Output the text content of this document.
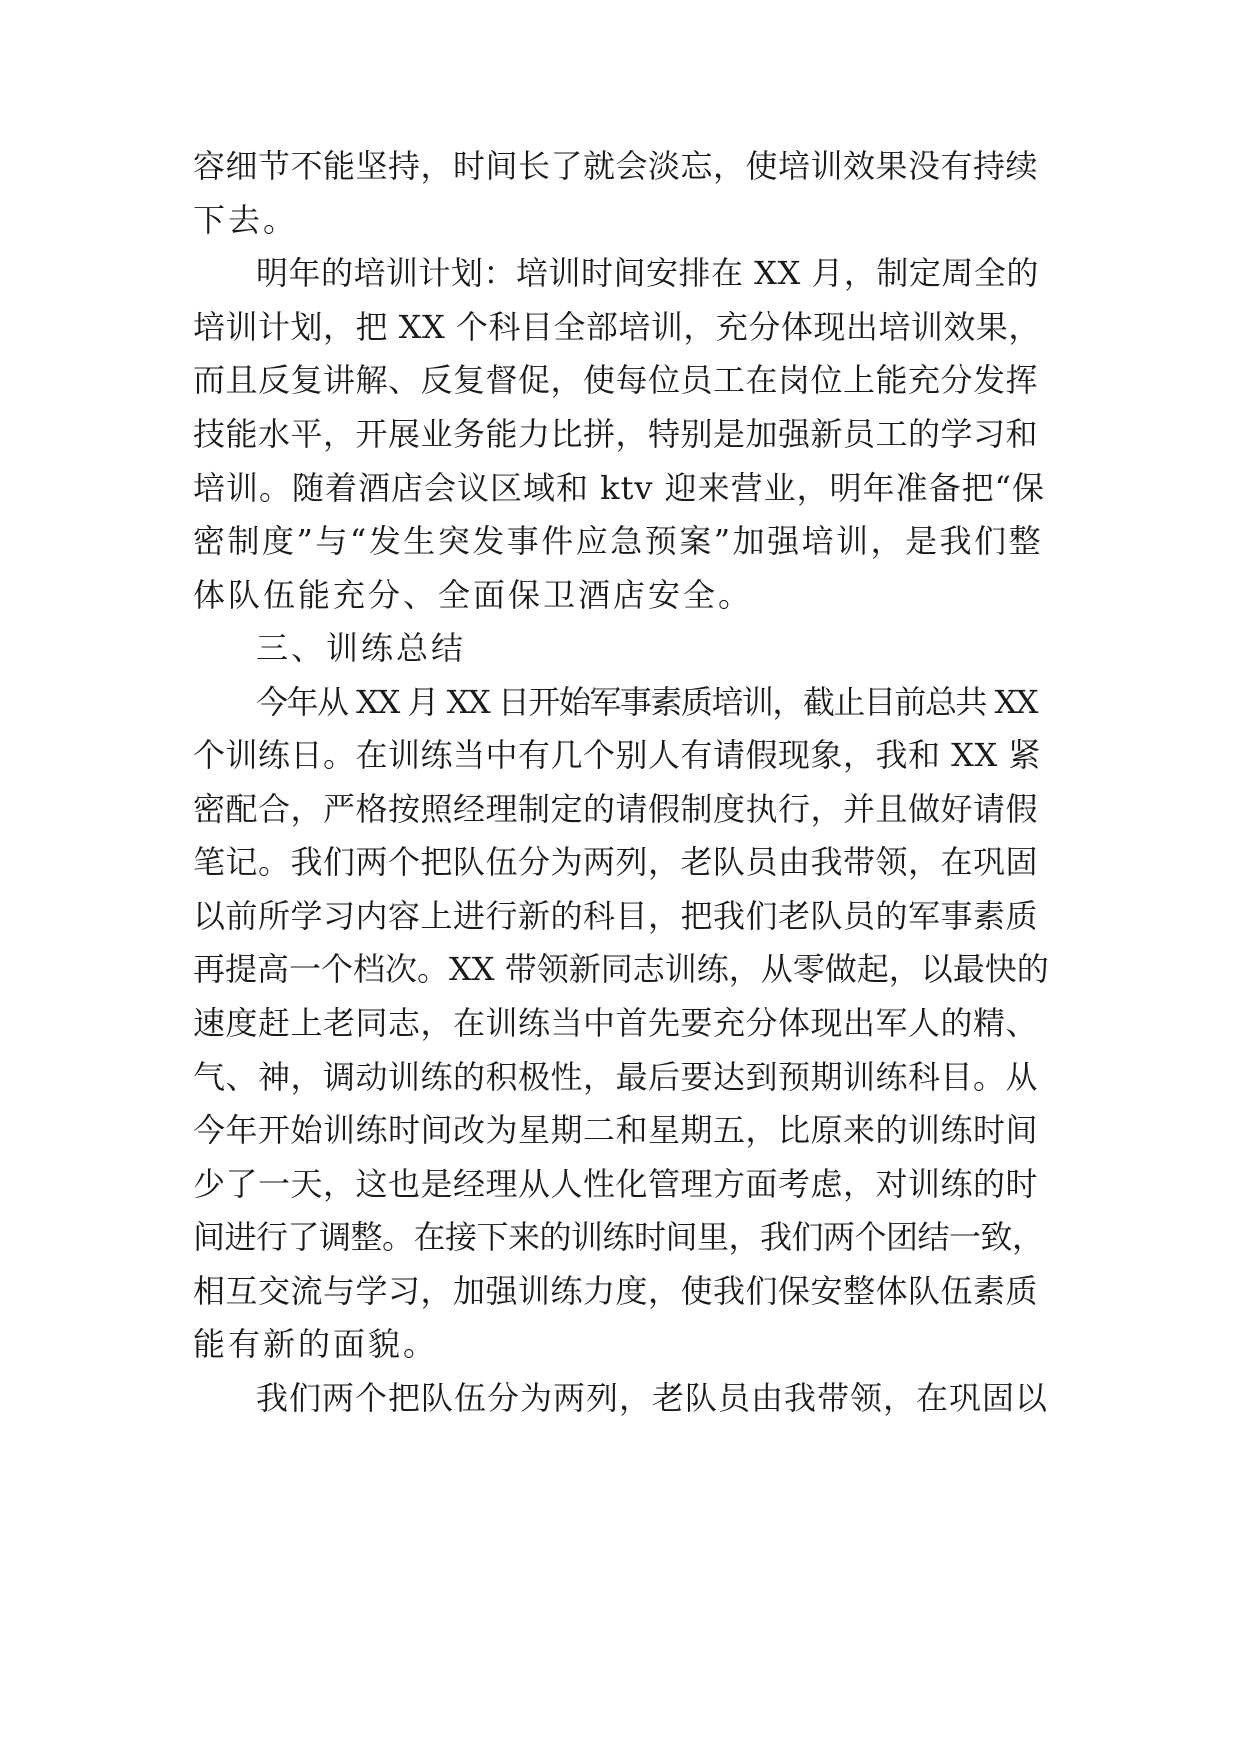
容细节不能坚持，时间长了就会淡忘，使培训效果没有持续
下去。
明年的培训计划：培训时间安排在 XX 月，制定周全的
培训计划，把 XX 个科目全部培训，充分体现出培训效果，
而且反复讲解、反复督促，使每位员工在岗位上能充分发挥
技能水平，开展业务能力比拼，特别是加强新员工的学习和
培训。随着酒店会议区域和 ktv 迎来营业，明年准备把“保
密制度”与“发生突发事件应急预案”加强培训，是我们整
体队伍能充分、全面保卫酒店安全。
三、训练总结
今年从 XX 月 XX 日开始军事素质培训，截止目前总共 XX
个训练日。在训练当中有几个别人有请假现象，我和 XX 紧
密配合，严格按照经理制定的请假制度执行，并且做好请假
笔记。我们两个把队伍分为两列，老队员由我带领，在巩固
以前所学习内容上进行新的科目，把我们老队员的军事素质
再提高一个档次。XX 带领新同志训练，从零做起，以最快的
速度赶上老同志，在训练当中首先要充分体现出军人的精、
气、神，调动训练的积极性，最后要达到预期训练科目。从
今年开始训练时间改为星期二和星期五，比原来的训练时间
少了一天，这也是经理从人性化管理方面考虑，对训练的时
间进行了调整。在接下来的训练时间里，我们两个团结一致，
相互交流与学习，加强训练力度，使我们保安整体队伍素质
能有新的面貌。
我们两个把队伍分为两列，老队员由我带领，在巩固以
